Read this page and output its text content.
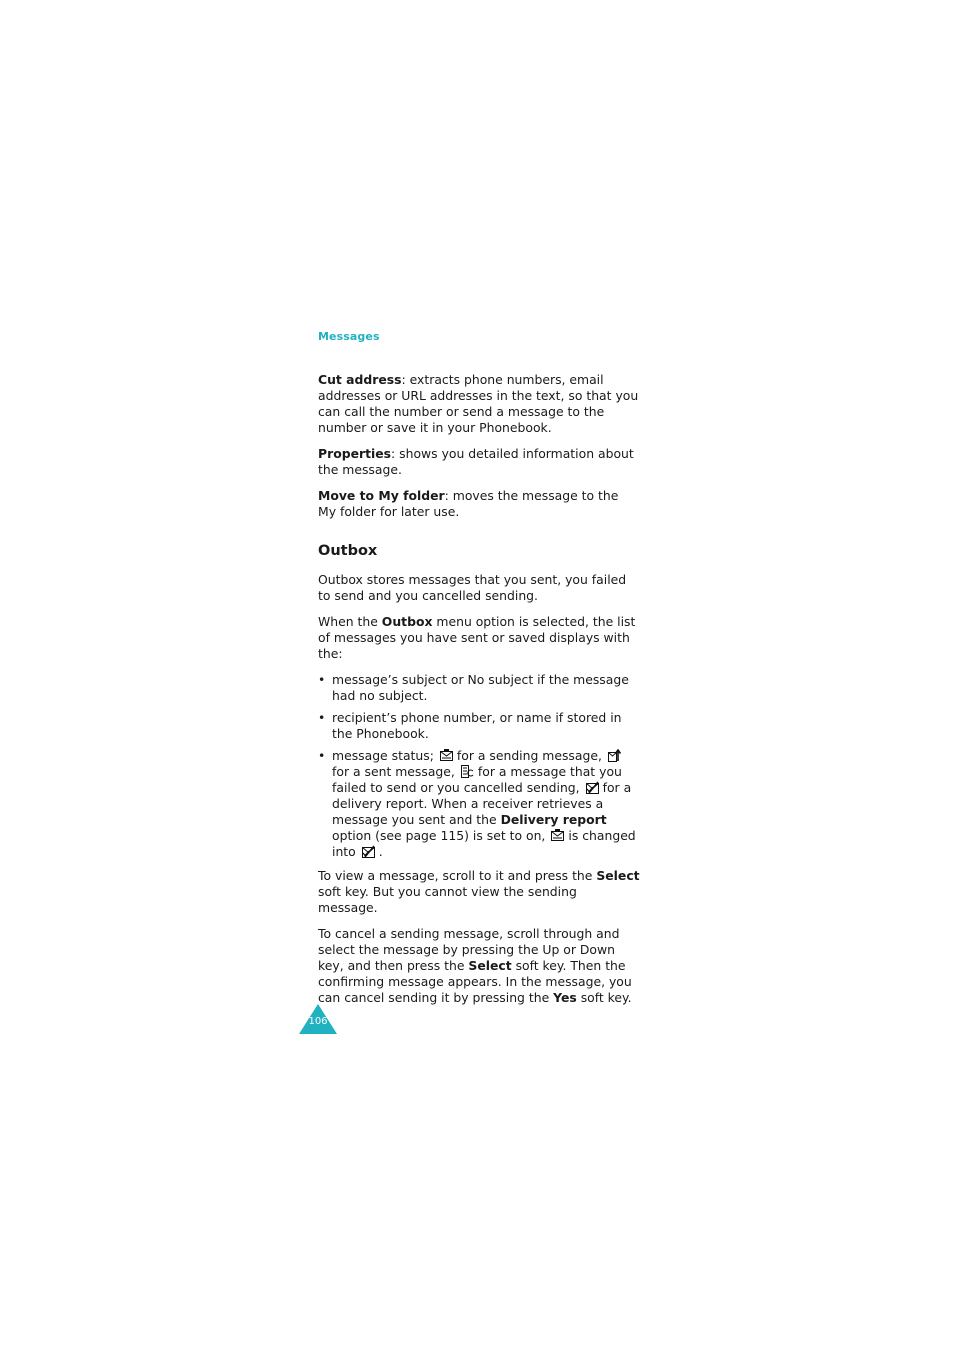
Messages

Cut address: extracts phone numbers, email addresses or URL addresses in the text, so that you can call the number or send a message to the number or save it in your Phonebook.

Properties: shows you detailed information about the message.

Move to My folder: moves the message to the My folder for later use.

Outbox

Outbox stores messages that you sent, you failed to send and you cancelled sending.

When the Outbox menu option is selected, the list of messages you have sent or saved displays with the:

• message’s subject or No subject if the message had no subject.
• recipient’s phone number, or name if stored in the Phonebook.
• message status; for a sending message,
for a sent message, for a message that you failed to send or you cancelled sending, for a delivery report. When a receiver retrieves a message you sent and the Delivery report option (see page 115) is set to on, is changed into .

To view a message, scroll to it and press the Select soft key. But you cannot view the sending message.

To cancel a sending message, scroll through and select the message by pressing the Up or Down key, and then press the Select soft key. Then the confirming message appears. In the message, you can cancel sending it by pressing the Yes soft key.

106
